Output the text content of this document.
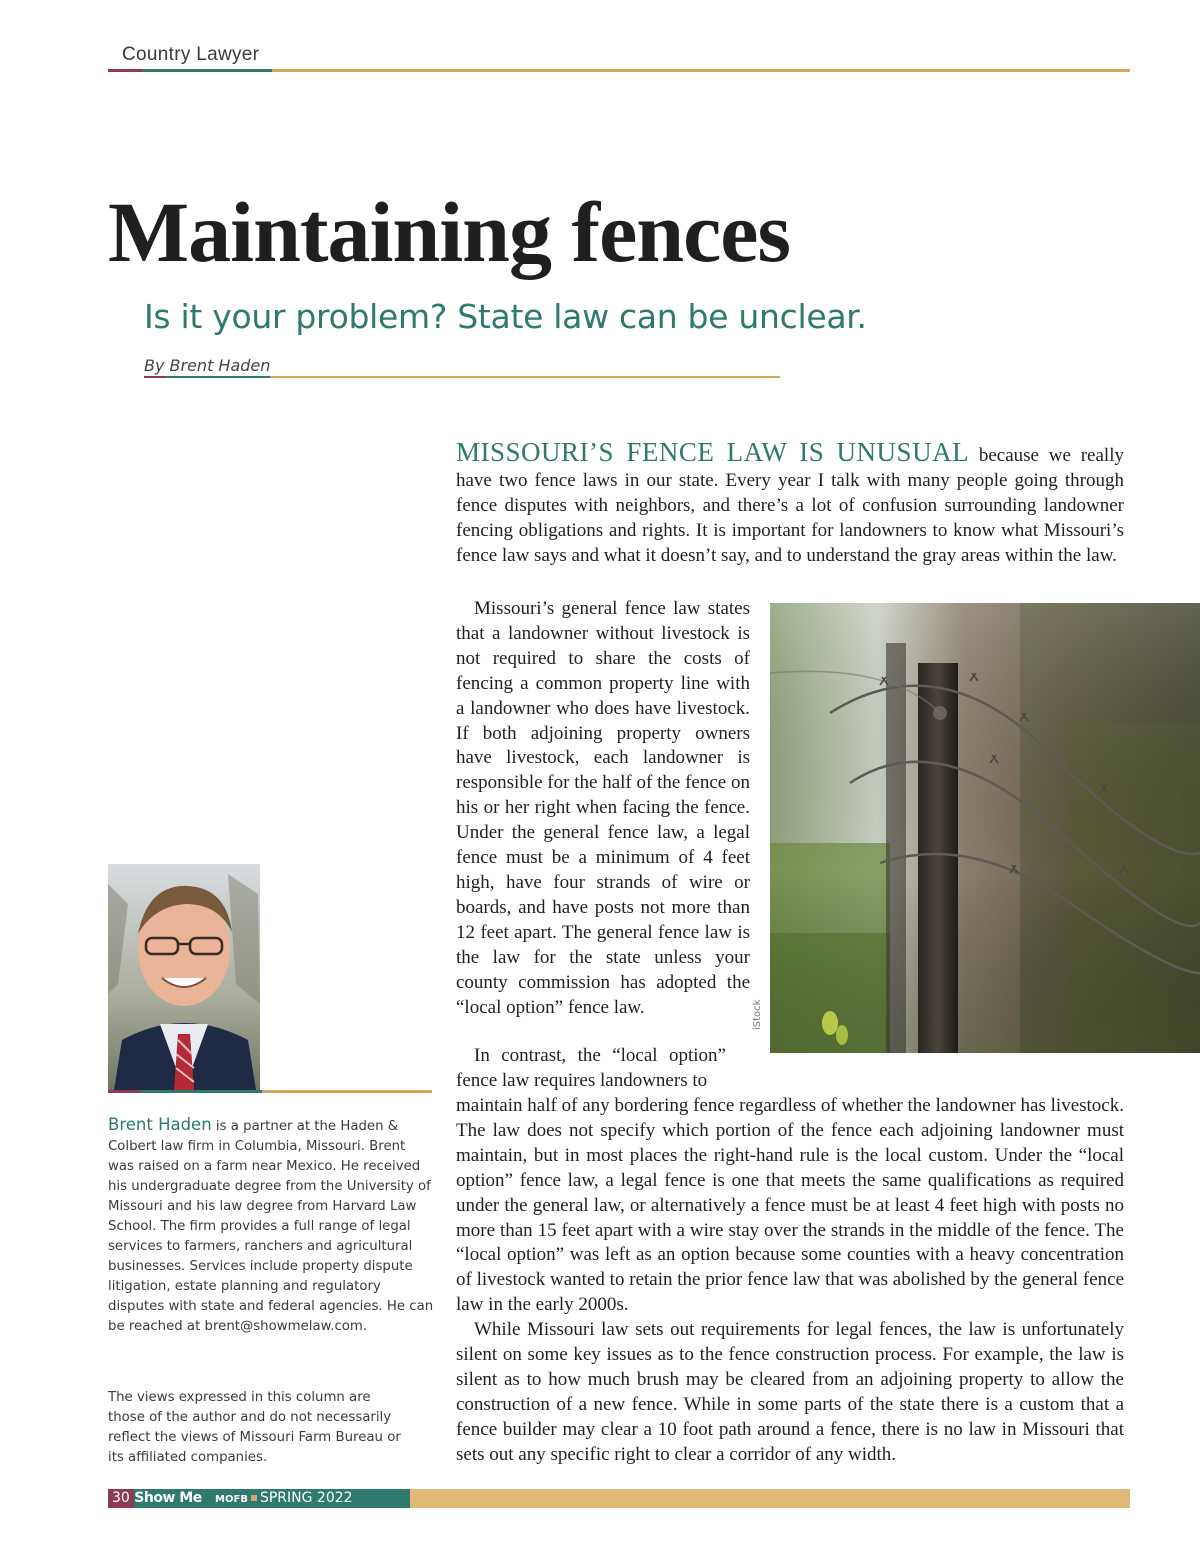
Country Lawyer
Maintaining fences
Is it your problem? State law can be unclear.
By Brent Haden
MISSOURI’S FENCE LAW IS UNUSUAL because we really have two fence laws in our state. Every year I talk with many people going through fence disputes with neighbors, and there’s a lot of confusion surrounding landowner fencing obligations and rights. It is important for landowners to know what Missouri’s fence law says and what it doesn’t say, and to understand the gray areas within the law.
Missouri’s general fence law states that a landowner without livestock is not required to share the costs of fencing a common property line with a landowner who does have livestock. If both adjoining property owners have livestock, each landowner is responsible for the half of the fence on his or her right when facing the fence. Under the general fence law, a legal fence must be a minimum of 4 feet high, have four strands of wire or boards, and have posts not more than 12 feet apart. The general fence law is the law for the state unless your county commission has adopted the “local option” fence law.
In contrast, the “local option” fence law requires landowners to
maintain half of any bordering fence regardless of whether the landowner has livestock. The law does not specify which portion of the fence each adjoining landowner must maintain, but in most places the right-hand rule is the local custom. Under the “local option” fence law, a legal fence is one that meets the same qualifications as required under the general law, or alternatively a fence must be at least 4 feet high with posts no more than 15 feet apart with a wire stay over the strands in the middle of the fence. The “local option” was left as an option because some counties with a heavy concentration of livestock wanted to retain the prior fence law that was abolished by the general fence law in the early 2000s.
While Missouri law sets out requirements for legal fences, the law is unfortunately silent on some key issues as to the fence construction process. For example, the law is silent as to how much brush may be cleared from an adjoining property to allow the construction of a new fence. While in some parts of the state there is a custom that a fence builder may clear a 10 foot path around a fence, there is no law in Missouri that sets out any specific right to clear a corridor of any width.
iStock
Brent Haden is a partner at the Haden & Colbert law firm in Columbia, Missouri. Brent was raised on a farm near Mexico. He received his undergraduate degree from the University of Missouri and his law degree from Harvard Law School. The firm provides a full range of legal services to farmers, ranchers and agricultural businesses. Services include property dispute litigation, estate planning and regulatory disputes with state and federal agencies. He can be reached at brent@showmelaw.com.
The views expressed in this column are those of the author and do not necessarily reflect the views of Missouri Farm Bureau or its affiliated companies.
30 Show Me MOFB SPRING 2022
